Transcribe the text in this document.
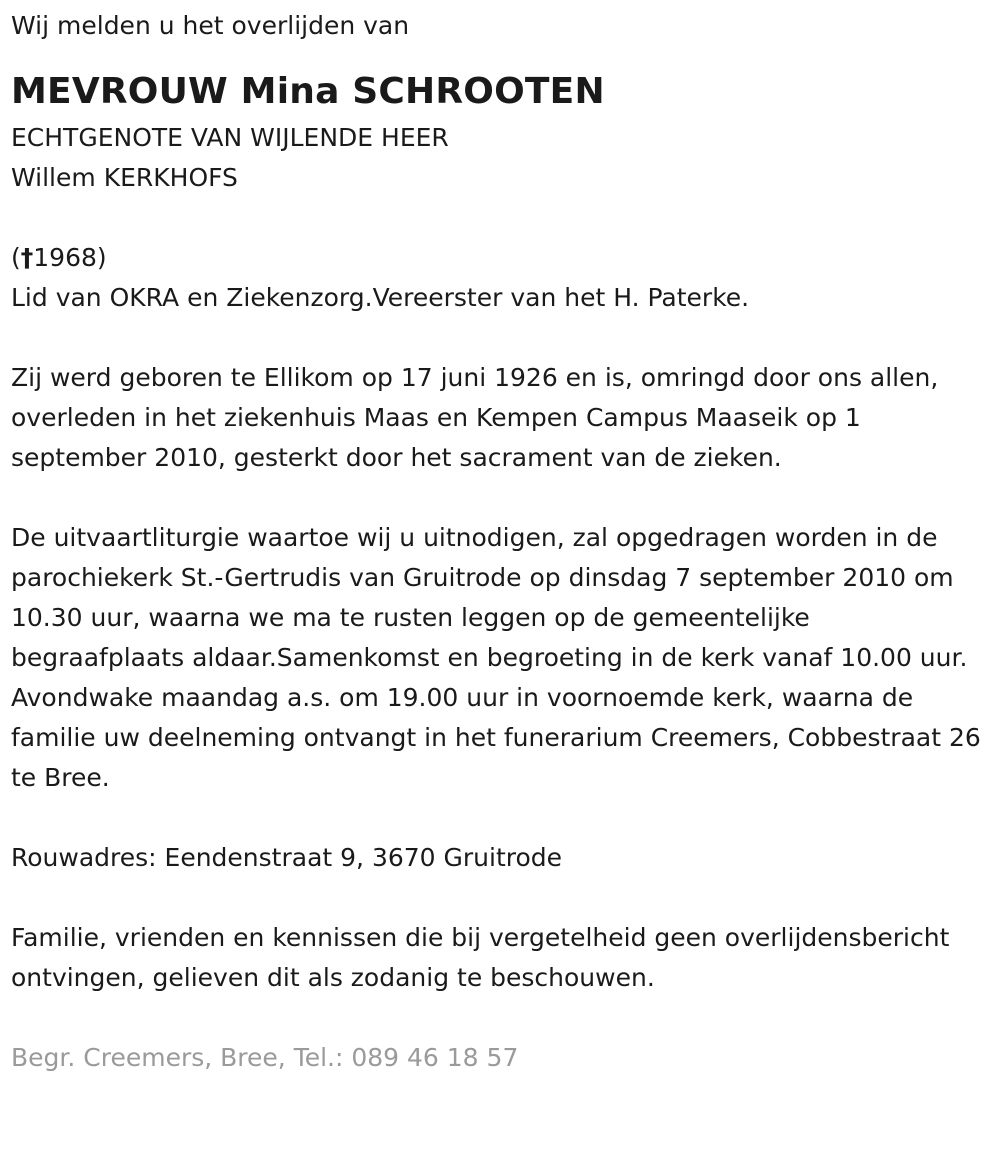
Wij melden u het overlijden van
MEVROUW Mina SCHROOTEN
ECHTGENOTE VAN WIJLENDE HEER
Willem KERKHOFS
(†1968)
Lid van OKRA en Ziekenzorg.Vereerster van het H. Paterke.

Zij werd geboren te Ellikom op 17 juni 1926 en is, omringd door ons allen, overleden in het ziekenhuis Maas en Kempen Campus Maaseik op 1 september 2010, gesterkt door het sacrament van de zieken.

De uitvaartliturgie waartoe wij u uitnodigen, zal opgedragen worden in de parochiekerk St.-Gertrudis van Gruitrode op dinsdag 7 september 2010 om 10.30 uur, waarna we ma te rusten leggen op de gemeentelijke begraafplaats aldaar.Samenkomst en begroeting in de kerk vanaf 10.00 uur.

Avondwake maandag a.s. om 19.00 uur in voornoemde kerk, waarna de familie uw deelneming ontvangt in het funerarium Creemers, Cobbestraat 26 te Bree.

Rouwadres: Eendenstraat 9, 3670 Gruitrode

Familie, vrienden en kennissen die bij vergetelheid geen overlijdensbericht ontvingen, gelieven dit als zodanig te beschouwen.

Begr. Creemers, Bree, Tel.: 089 46 18 57
